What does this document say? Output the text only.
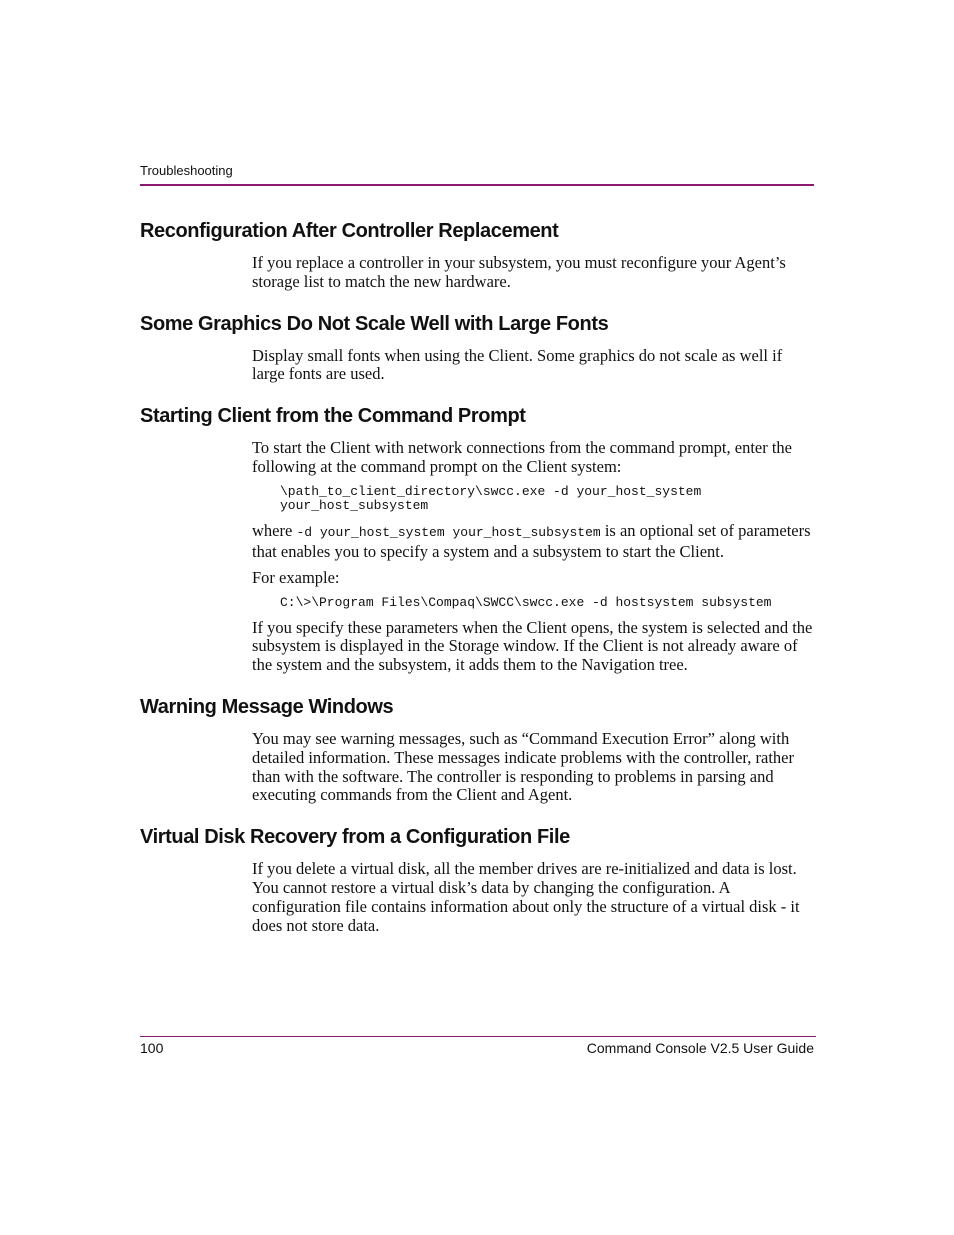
Troubleshooting
Reconfiguration After Controller Replacement

If you replace a controller in your subsystem, you must reconfigure your Agent’s storage list to match the new hardware.

Some Graphics Do Not Scale Well with Large Fonts

Display small fonts when using the Client. Some graphics do not scale as well if large fonts are used.

Starting Client from the Command Prompt

To start the Client with network connections from the command prompt, enter the following at the command prompt on the Client system:

\path_to_client_directory\swcc.exe -d your_host_system
your_host_subsystem

where -d your_host_system your_host_subsystem is an optional set of parameters that enables you to specify a system and a subsystem to start the Client.

For example:

C:\>\Program Files\Compaq\SWCC\swcc.exe -d hostsystem subsystem

If you specify these parameters when the Client opens, the system is selected and the subsystem is displayed in the Storage window. If the Client is not already aware of the system and the subsystem, it adds them to the Navigation tree.

Warning Message Windows

You may see warning messages, such as “Command Execution Error” along with detailed information. These messages indicate problems with the controller, rather than with the software. The controller is responding to problems in parsing and executing commands from the Client and Agent.

Virtual Disk Recovery from a Configuration File

If you delete a virtual disk, all the member drives are re-initialized and data is lost. You cannot restore a virtual disk’s data by changing the configuration. A configuration file contains information about only the structure of a virtual disk - it does not store data.

100	Command Console V2.5 User Guide
